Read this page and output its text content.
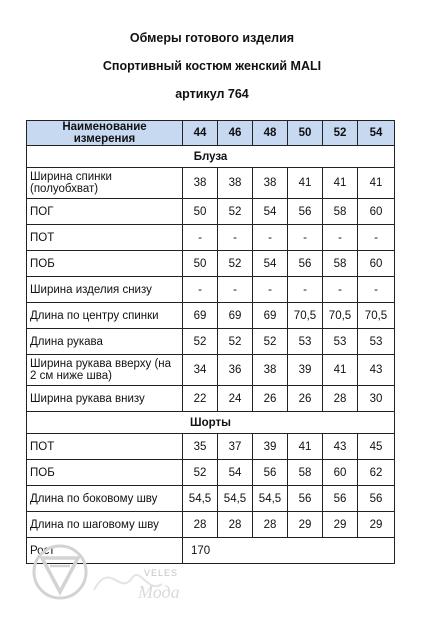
Обмеры готового изделия
Спортивный костюм женский MALI
артикул 764
Наименование измерения	44	46	48	50	52	54
Блуза						
Ширина спинки (полуобхват)	38	38	38	41	41	41
ПОГ	50	52	54	56	58	60
ПОТ	-	-	-	-	-	-
ПОБ	50	52	54	56	58	60
Ширина изделия снизу	-	-	-	-	-	-
Длина по центру спинки	69	69	69	70,5	70,5	70,5
Длина рукава	52	52	52	53	53	53
Ширина рукава вверху (на 2 см ниже шва)	34	36	38	39	41	43
Ширина рукава внизу	22	24	26	26	28	30
Шорты						
ПОТ	35	37	39	41	43	45
ПОБ	52	54	56	58	60	62
Длина по боковому шву	54,5	54,5	54,5	56	56	56
Длина по шаговому шву	28	28	28	29	29	29
Рост	170					
VELES
Мода
